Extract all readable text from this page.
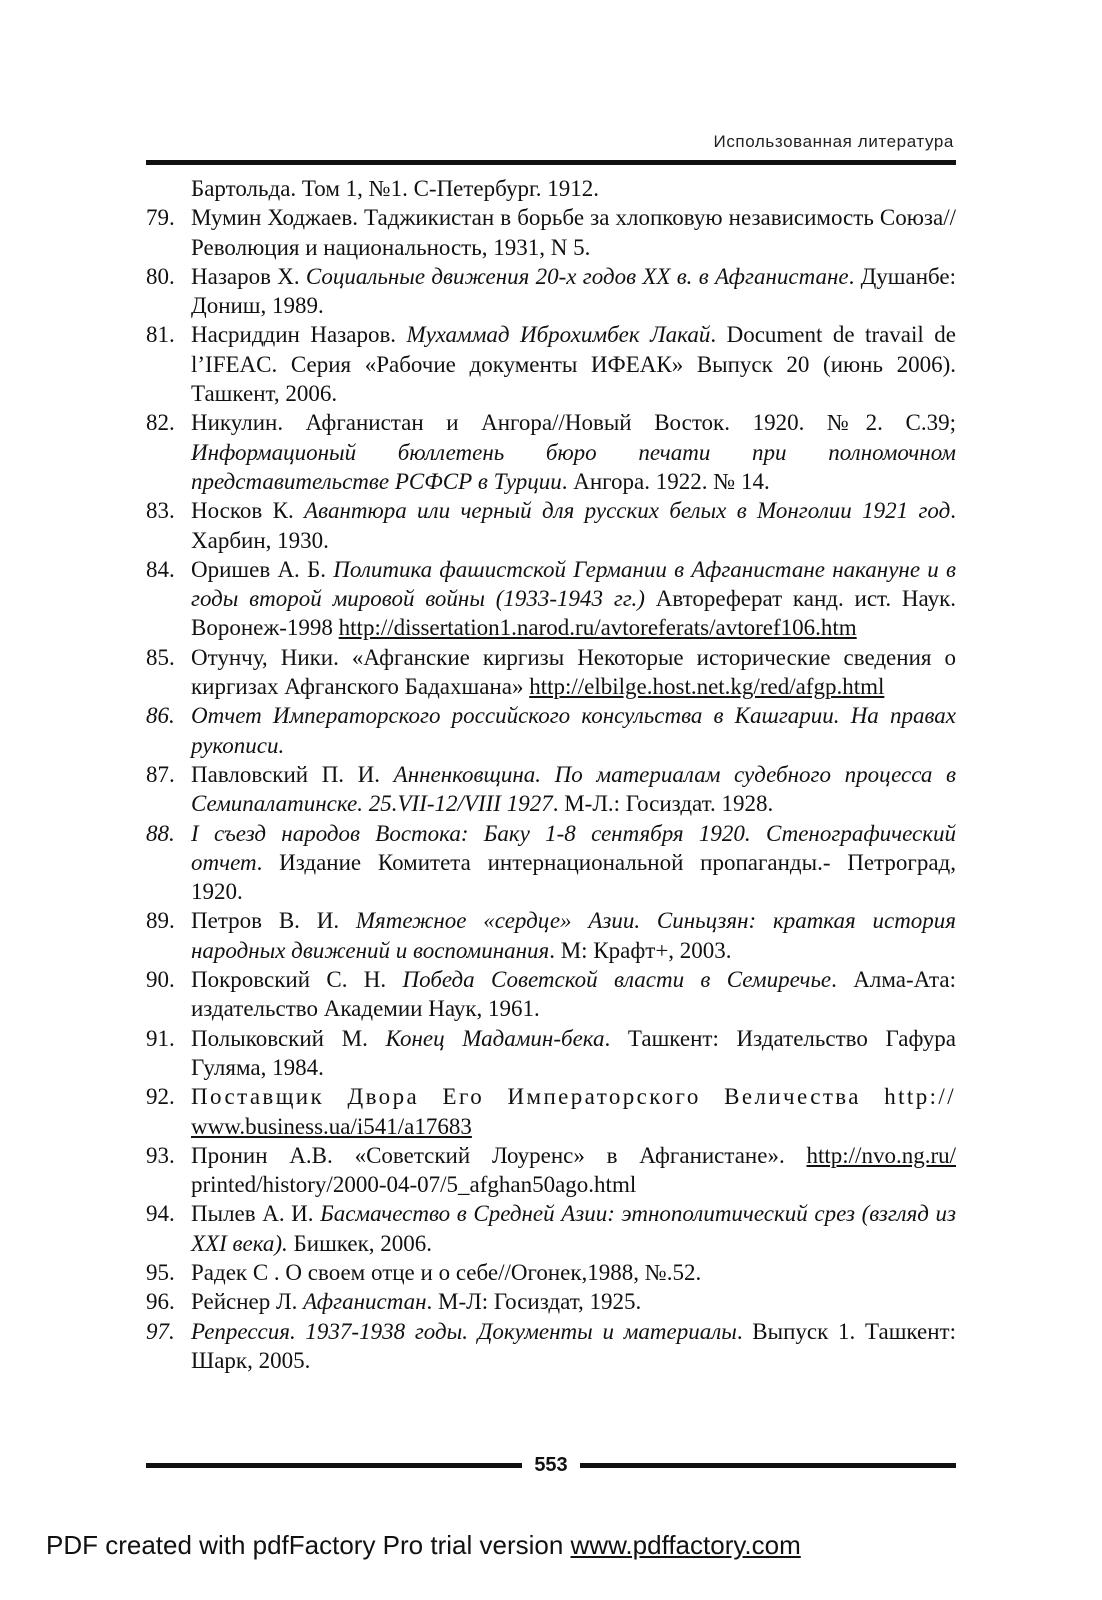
Использованная литература
Бартольда. Том 1, №1. С-Петербург. 1912.
79. Мумин Ходжаев. Таджикистан в борьбе за хлопковую независимость Союза//Революция и национальность, 1931, N 5.
80. Назаров Х. Социальные движения 20-х годов XX в. в Афганистане. Душанбе: Дониш, 1989.
81. Насриддин Назаров. Мухаммад Иброхимбек Лакай. Document de travail de l’IFEAC. Серия «Рабочие документы ИФЕАК» Выпуск 20 (июнь 2006). Ташкент, 2006.
82. Никулин. Афганистан и Ангора//Новый Восток. 1920. №2. С.39; Информационый бюллетень бюро печати при полномочном представительстве РСФСР в Турции. Ангора. 1922. № 14.
83. Носков К. Авантюра или черный для русских белых в Монголии 1921 год. Харбин, 1930.
84. Оришев А. Б. Политика фашистской Германии в Афганистане накануне и в годы второй мировой войны (1933-1943 гг.) Автореферат канд. ист. Наук. Воронеж-1998 http://dissertation1.narod.ru/avtoreferats/avtoref106.htm
85. Отунчу, Ники. «Афганские киргизы Некоторые исторические сведения о киргизах Афганского Бадахшана» http://elbilge.host.net.kg/red/afgp.html
86. Отчет Императорского российского консульства в Кашгарии. На правах рукописи.
87. Павловский П. И. Анненковщина. По материалам судебного процесса в Семипалатинске. 25.VII-12/VIII 1927. М-Л.: Госиздат. 1928.
88. I съезд народов Востока: Баку 1-8 сентября 1920. Стенографический отчет. Издание Комитета интернациональной пропаганды.- Петроград, 1920.
89. Петров В. И. Мятежное «сердце» Азии. Синьцзян: краткая история народных движений и воспоминания. М: Крафт+, 2003.
90. Покровский С. Н. Победа Советской власти в Семиречье. Алма-Ата: издательство Академии Наук, 1961.
91. Полыковский М. Конец Мадамин-бека. Ташкент: Издательство Гафура Гуляма, 1984.
92. Поставщик Двора Его Императорского Величества http:// www.business.ua/i541/a17683
93. Пронин А.В. «Советский Лоуренс» в Афганистане». http://nvo.ng.ru/ printed/history/2000-04-07/5_afghan50ago.html
94. Пылев А. И. Басмачество в Средней Азии: этнополитический срез (взгляд из XXI века). Бишкек, 2006.
95. Радек С . О своем отце и о себе//Огонек,1988, №.52.
96. Рейснер Л. Афганистан. М-Л: Госиздат, 1925.
97. Репрессия. 1937-1938 годы. Документы и материалы. Выпуск 1. Ташкент: Шарк, 2005.
553
PDF created with pdfFactory Pro trial version www.pdffactory.com
